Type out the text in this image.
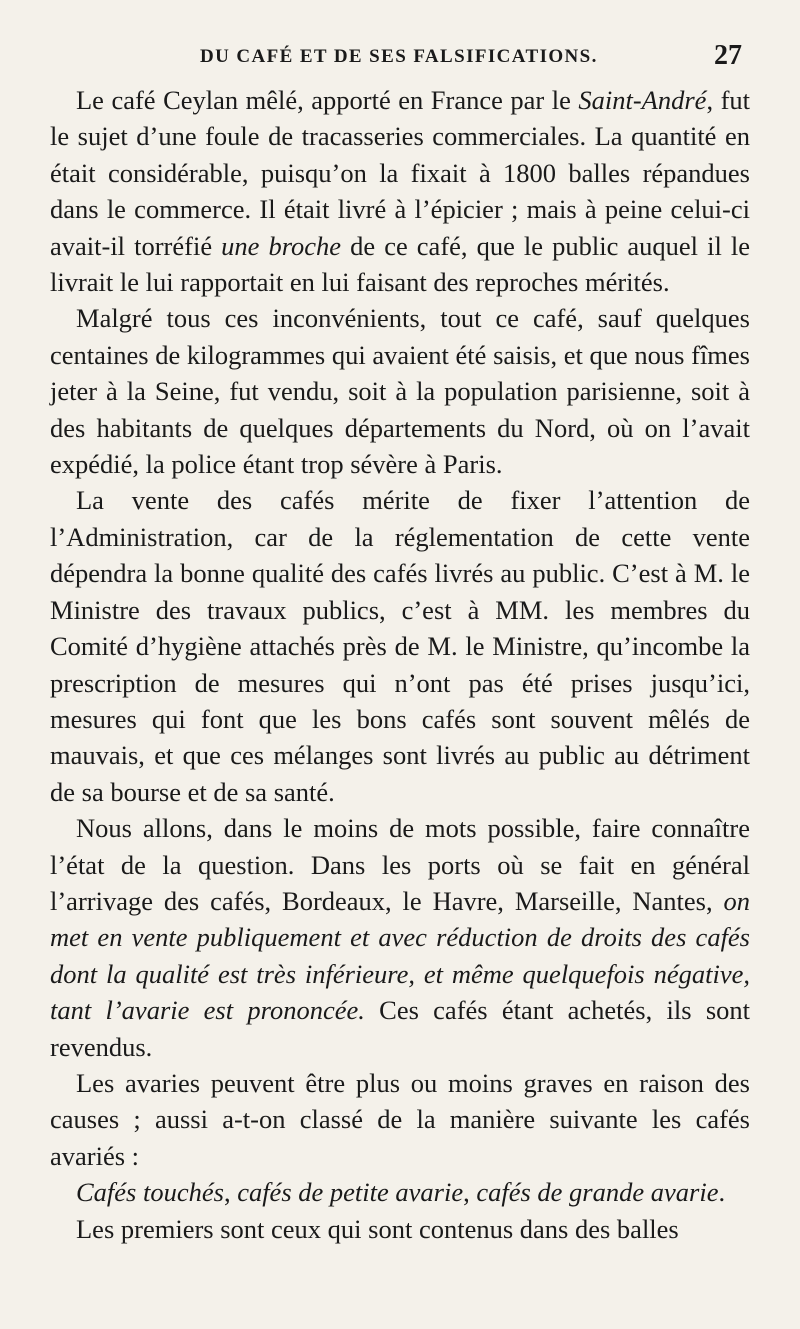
DU CAFÉ ET DE SES FALSIFICATIONS.	27

Le café Ceylan mêlé, apporté en France par le Saint-André, fut le sujet d’une foule de tracasseries commerciales. La quantité en était considérable, puisqu’on la fixait à 1800 balles répandues dans le commerce. Il était livré à l’épicier ; mais à peine celui-ci avait-il torréfié une broche de ce café, que le public auquel il le livrait le lui rapportait en lui faisant des reproches mérités.

Malgré tous ces inconvénients, tout ce café, sauf quelques centaines de kilogrammes qui avaient été saisis, et que nous fîmes jeter à la Seine, fut vendu, soit à la population parisienne, soit à des habitants de quelques départements du Nord, où on l’avait expédié, la police étant trop sévère à Paris.

La vente des cafés mérite de fixer l’attention de l’Administration, car de la réglementation de cette vente dépendra la bonne qualité des cafés livrés au public. C’est à M. le Ministre des travaux publics, c’est à MM. les membres du Comité d’hygiène attachés près de M. le Ministre, qu’incombe la prescription de mesures qui n’ont pas été prises jusqu’ici, mesures qui font que les bons cafés sont souvent mêlés de mauvais, et que ces mélanges sont livrés au public au détriment de sa bourse et de sa santé.

Nous allons, dans le moins de mots possible, faire connaître l’état de la question. Dans les ports où se fait en général l’arrivage des cafés, Bordeaux, le Havre, Marseille, Nantes, on met en vente publiquement et avec réduction de droits des cafés dont la qualité est très inférieure, et même quelquefois négative, tant l’avarie est prononcée. Ces cafés étant achetés, ils sont revendus.

Les avaries peuvent être plus ou moins graves en raison des causes ; aussi a-t-on classé de la manière suivante les cafés avariés :

Cafés touchés, cafés de petite avarie, cafés de grande avarie.

Les premiers sont ceux qui sont contenus dans des balles
